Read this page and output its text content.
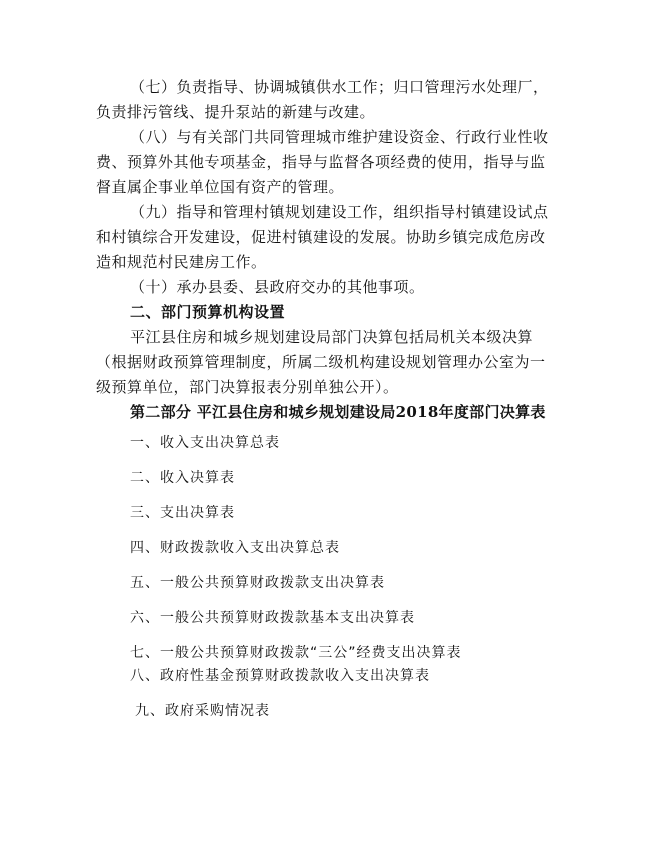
（七）负责指导、协调城镇供水工作；归口管理污水处理厂，
负责排污管线、提升泵站的新建与改建。
（八）与有关部门共同管理城市维护建设资金、行政行业性收
费、预算外其他专项基金，指导与监督各项经费的使用，指导与监
督直属企事业单位国有资产的管理。
（九）指导和管理村镇规划建设工作，组织指导村镇建设试点
和村镇综合开发建设，促进村镇建设的发展。协助乡镇完成危房改
造和规范村民建房工作。
（十）承办县委、县政府交办的其他事项。
二、部门预算机构设置
平江县住房和城乡规划建设局部门决算包括局机关本级决算
（根据财政预算管理制度，所属二级机构建设规划管理办公室为一
级预算单位，部门决算报表分别单独公开）。
第二部分 平江县住房和城乡规划建设局2018年度部门决算表
一、收入支出决算总表
二、收入决算表
三、支出决算表
四、财政拨款收入支出决算总表
五、一般公共预算财政拨款支出决算表
六、一般公共预算财政拨款基本支出决算表
七、一般公共预算财政拨款“三公”经费支出决算表
八、政府性基金预算财政拨款收入支出决算表
九、政府采购情况表
